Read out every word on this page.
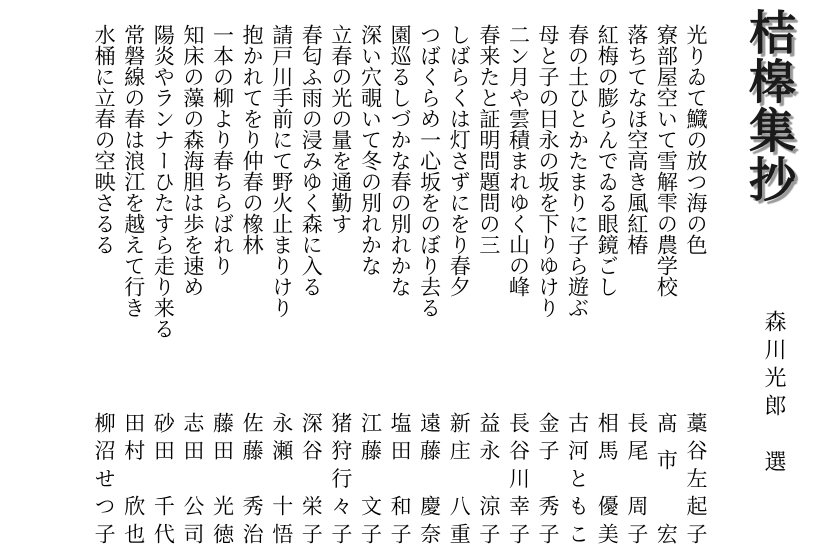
桔槔集抄
森川光郎　選
光りゐて鱵の放つ海の色
寮部屋空いて雪解雫の農学校
落ちてなほ空高き風紅椿
紅梅の膨らんでゐる眼鏡ごし
春の土ひとかたまりに子ら遊ぶ
母と子の日永の坂を下りゆけり
二ン月や雲積まれゆく山の峰
春来たと証明問題問の三
しばらくは灯さずにをり春夕
つばくらめ一心坂をのぼり去る
園巡るしづかな春の別れかな
深い穴覗いて冬の別れかな
立春の光の量を通勤す
春匂ふ雨の浸みゆく森に入る
請戸川手前にて野火止まりけり
抱かれてをり仲春の橡林
一本の柳より春ちらばれり
知床の藻の森海胆は歩を速め
陽炎やランナーひたすら走り来る
常磐線の春は浪江を越えて行き
水桶に立春の空映さるる
藁谷左起子
髙市　宏
長尾　周子
相馬　優美
古河ともこ
金子　秀子
長谷川幸子
益永　涼子
新庄　八重
遠藤　慶奈
塩田　和子
江藤　文子
猪狩行々子
深谷　栄子
永瀬　十悟
佐藤　秀治
藤田　光徳
志田　公司
砂田　千代
田村　欣也
柳沼せつ子
